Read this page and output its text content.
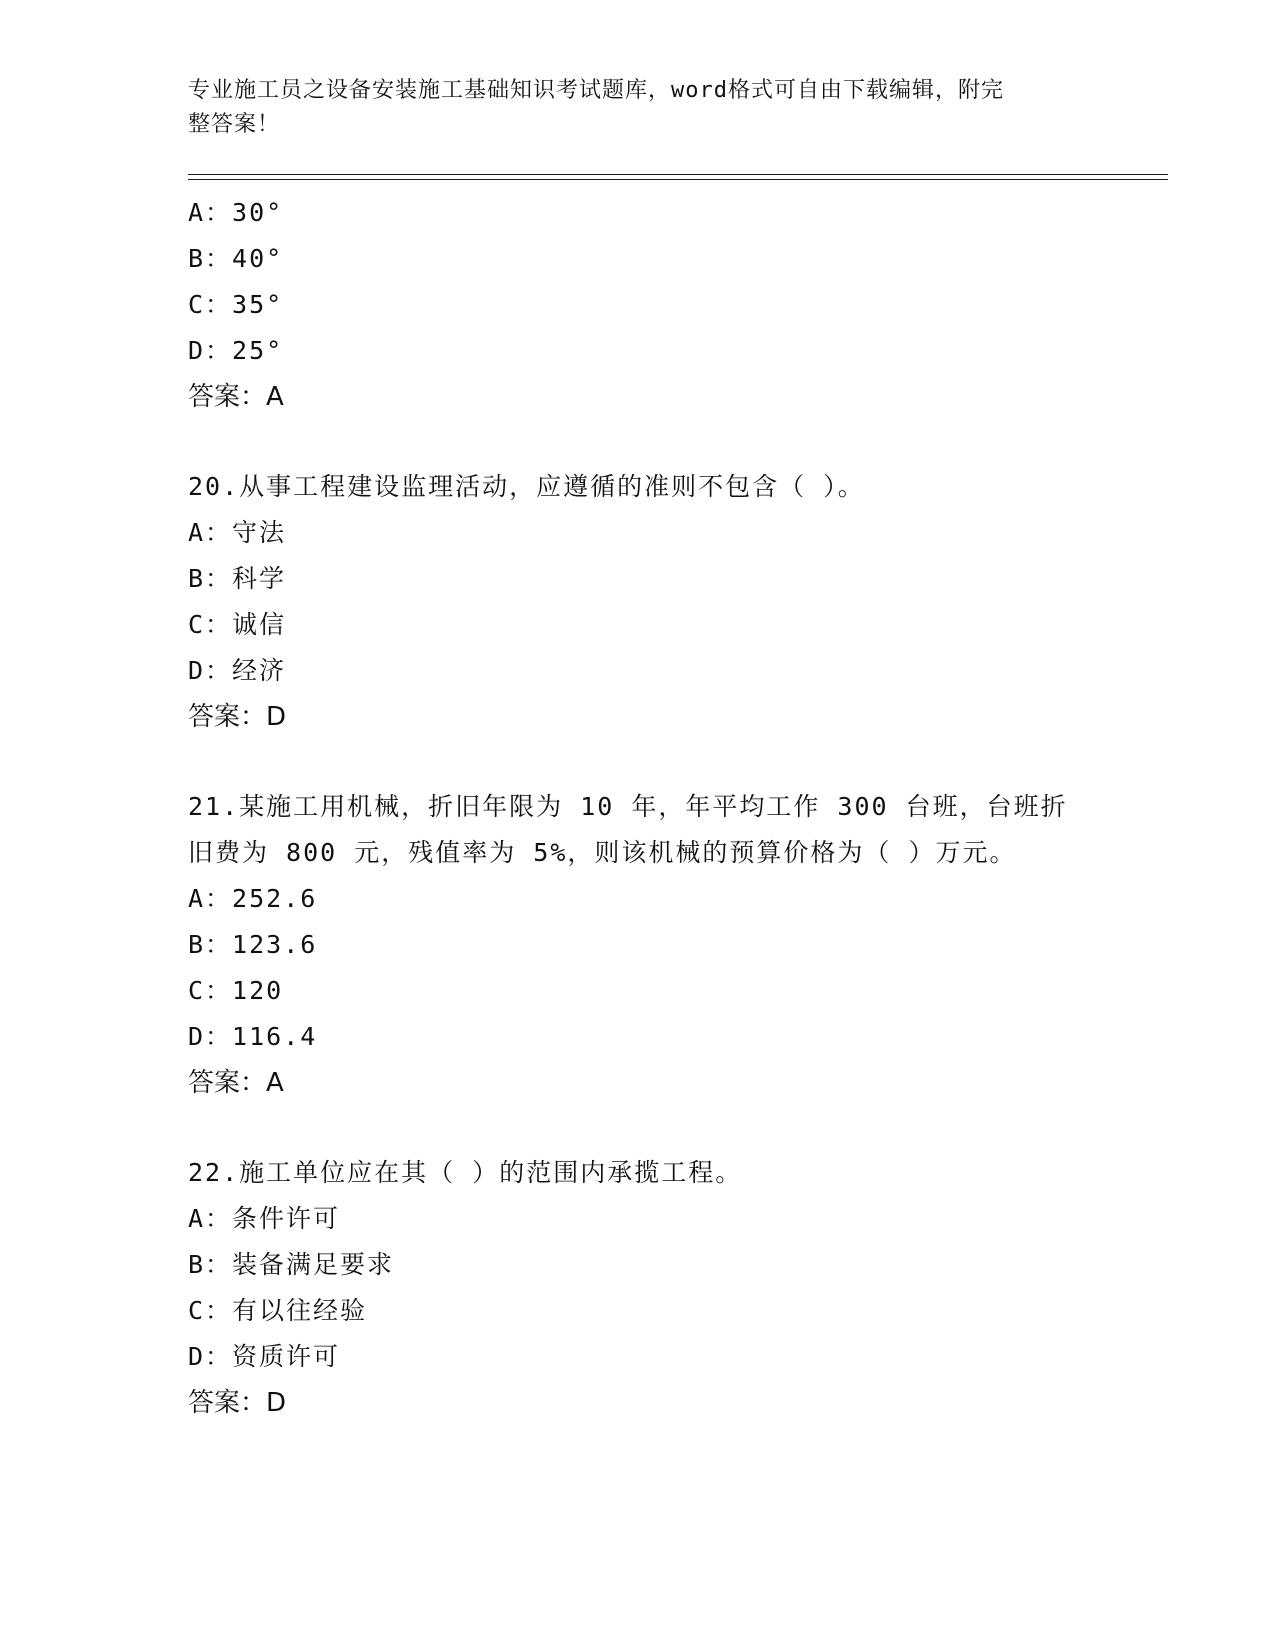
专业施工员之设备安装施工基础知识考试题库，word格式可自由下载编辑，附完
整答案！
A：30°
B：40°
C：35°
D：25°
答案：A
20.从事工程建设监理活动，应遵循的准则不包含（ ）。
A：守法
B：科学
C：诚信
D：经济
答案：D
21.某施工用机械，折旧年限为 10 年，年平均工作 300 台班，台班折
旧费为 800 元，残值率为 5%，则该机械的预算价格为（ ）万元。
A：252.6
B：123.6
C：120
D：116.4
答案：A
22.施工单位应在其（ ）的范围内承揽工程。
A：条件许可
B：装备满足要求
C：有以往经验
D：资质许可
答案：D
